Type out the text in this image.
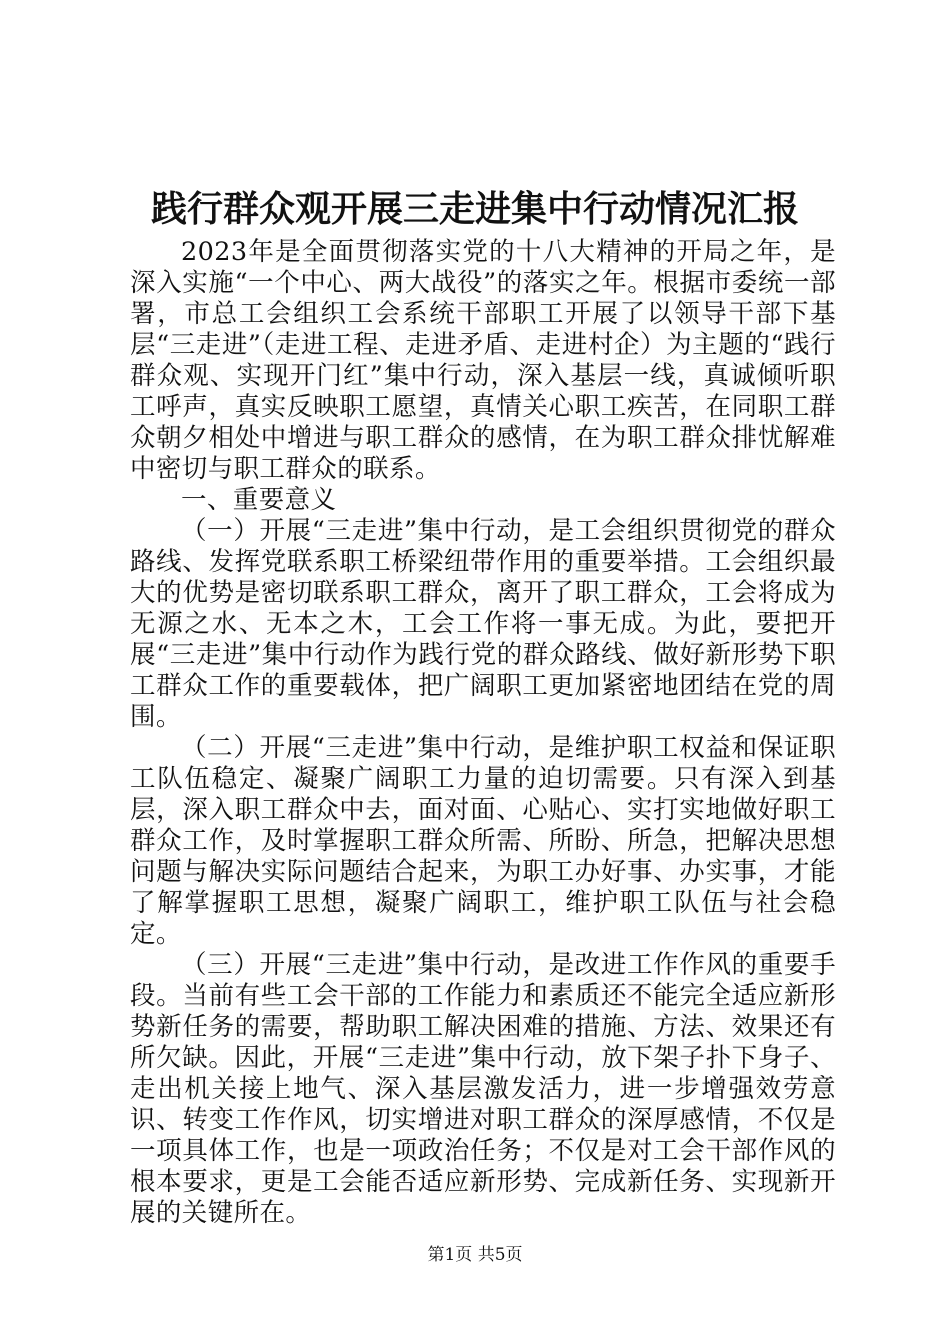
践行群众观开展三走进集中行动情况汇报

2023年是全面贯彻落实党的十八大精神的开局之年，是深入实施“一个中心、两大战役”的落实之年。根据市委统一部署，市总工会组织工会系统干部职工开展了以领导干部下基层“三走进”（走进工程、走进矛盾、走进村企）为主题的“践行群众观、实现开门红”集中行动，深入基层一线，真诚倾听职工呼声，真实反映职工愿望，真情关心职工疾苦，在同职工群众朝夕相处中增进与职工群众的感情，在为职工群众排忧解难中密切与职工群众的联系。

一、重要意义

（一）开展“三走进”集中行动，是工会组织贯彻党的群众路线、发挥党联系职工桥梁纽带作用的重要举措。工会组织最大的优势是密切联系职工群众，离开了职工群众，工会将成为无源之水、无本之木，工会工作将一事无成。为此，要把开展“三走进”集中行动作为践行党的群众路线、做好新形势下职工群众工作的重要载体，把广阔职工更加紧密地团结在党的周围。

（二）开展“三走进”集中行动，是维护职工权益和保证职工队伍稳定、凝聚广阔职工力量的迫切需要。只有深入到基层，深入职工群众中去，面对面、心贴心、实打实地做好职工群众工作，及时掌握职工群众所需、所盼、所急，把解决思想问题与解决实际问题结合起来，为职工办好事、办实事，才能了解掌握职工思想，凝聚广阔职工，维护职工队伍与社会稳定。

（三）开展“三走进”集中行动，是改进工作作风的重要手段。当前有些工会干部的工作能力和素质还不能完全适应新形势新任务的需要，帮助职工解决困难的措施、方法、效果还有所欠缺。因此，开展“三走进”集中行动，放下架子扑下身子、走出机关接上地气、深入基层激发活力，进一步增强效劳意识、转变工作作风，切实增进对职工群众的深厚感情，不仅是一项具体工作，也是一项政治任务；不仅是对工会干部作风的根本要求，更是工会能否适应新形势、完成新任务、实现新开展的关键所在。

第1页 共5页
